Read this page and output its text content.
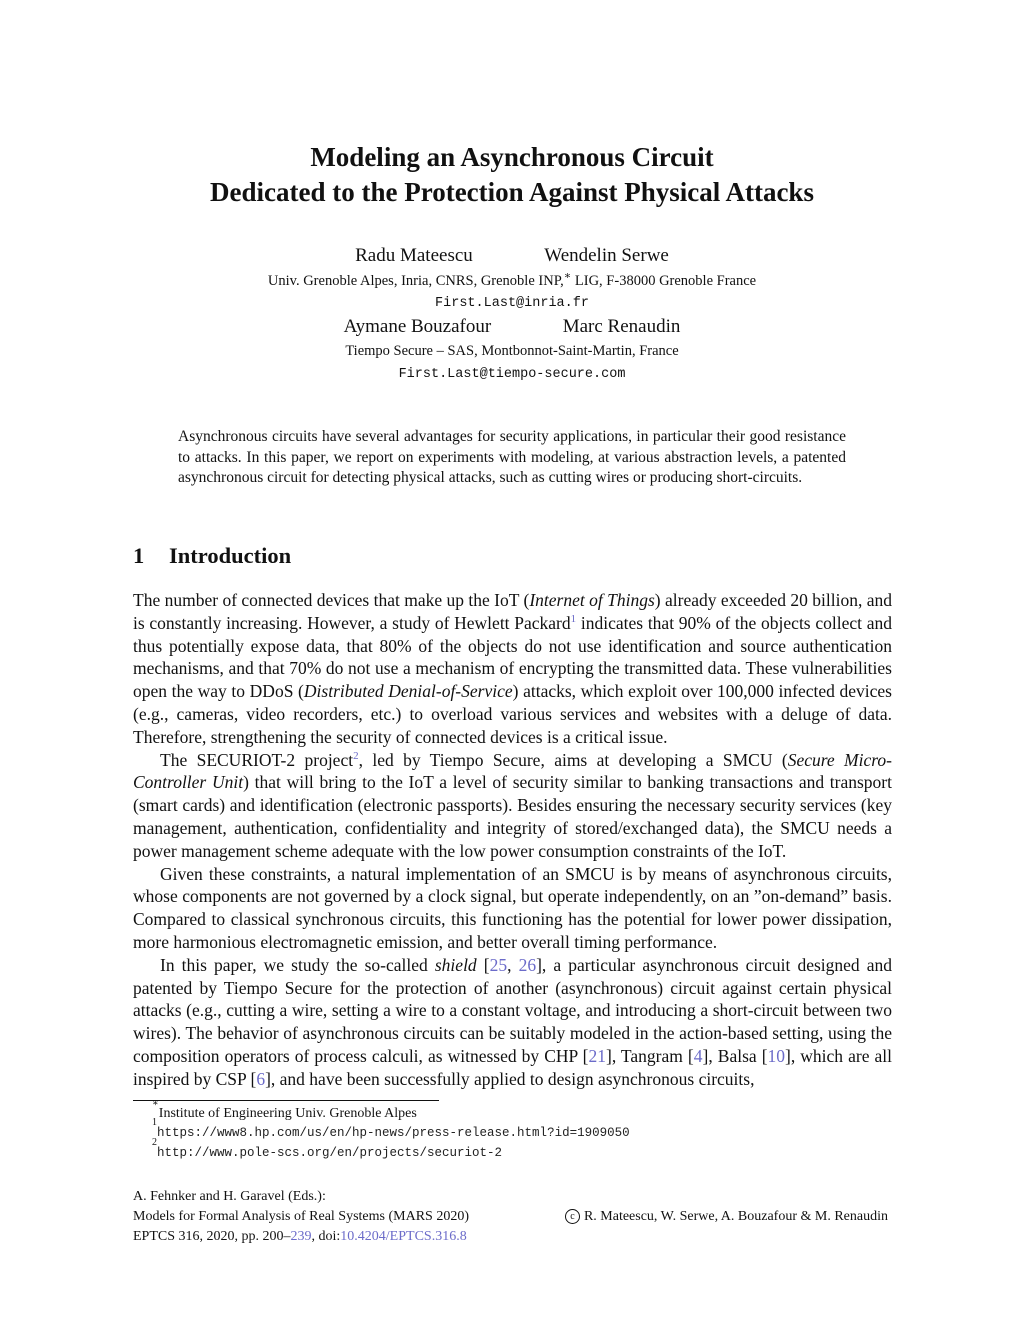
Modeling an Asynchronous Circuit
Dedicated to the Protection Against Physical Attacks
Radu Mateescu	Wendelin Serwe
Univ. Grenoble Alpes, Inria, CNRS, Grenoble INP,∗ LIG, F-38000 Grenoble France
First.Last@inria.fr
Aymane Bouzafour	Marc Renaudin
Tiempo Secure – SAS, Montbonnot-Saint-Martin, France
First.Last@tiempo-secure.com

Asynchronous circuits have several advantages for security applications, in particular their good resistance to attacks. In this paper, we report on experiments with modeling, at various abstraction levels, a patented asynchronous circuit for detecting physical attacks, such as cutting wires or producing short-circuits.

1 Introduction

The number of connected devices that make up the IoT (Internet of Things) already exceeded 20 billion, and is constantly increasing. However, a study of Hewlett Packard$^1$ indicates that 90% of the objects collect and thus potentially expose data, that 80% of the objects do not use identification and source authentication mechanisms, and that 70% do not use a mechanism of encrypting the transmitted data. These vulnerabilities open the way to DDoS (Distributed Denial-of-Service) attacks, which exploit over 100,000 infected devices (e.g., cameras, video recorders, etc.) to overload various services and websites with a deluge of data. Therefore, strengthening the security of connected devices is a critical issue.

The SECURIOT-2 project$^2$, led by Tiempo Secure, aims at developing a SMCU (Secure Micro-Controller Unit) that will bring to the IoT a level of security similar to banking transactions and transport (smart cards) and identification (electronic passports). Besides ensuring the necessary security services (key management, authentication, confidentiality and integrity of stored/exchanged data), the SMCU needs a power management scheme adequate with the low power consumption constraints of the IoT.

Given these constraints, a natural implementation of an SMCU is by means of asynchronous circuits, whose components are not governed by a clock signal, but operate independently, on an ”on-demand” basis. Compared to classical synchronous circuits, this functioning has the potential for lower power dissipation, more harmonious electromagnetic emission, and better overall timing performance.

In this paper, we study the so-called shield [25, 26], a particular asynchronous circuit designed and patented by Tiempo Secure for the protection of another (asynchronous) circuit against certain physical attacks (e.g., cutting a wire, setting a wire to a constant voltage, and introducing a short-circuit between two wires). The behavior of asynchronous circuits can be suitably modeled in the action-based setting, using the composition operators of process calculi, as witnessed by CHP [21], Tangram [4], Balsa [10], which are all inspired by CSP [6], and have been successfully applied to design asynchronous circuits,

∗Institute of Engineering Univ. Grenoble Alpes
$^1$https://www8.hp.com/us/en/hp-news/press-release.html?id=1909050
$^2$http://www.pole-scs.org/en/projects/securiot-2
A. Fehnker and H. Garavel (Eds.):
Models for Formal Analysis of Real Systems (MARS 2020)
EPTCS 316, 2020, pp. 200–239, doi:10.4204/EPTCS.316.8
c R. Mateescu, W. Serwe, A. Bouzafour & M. Renaudin
